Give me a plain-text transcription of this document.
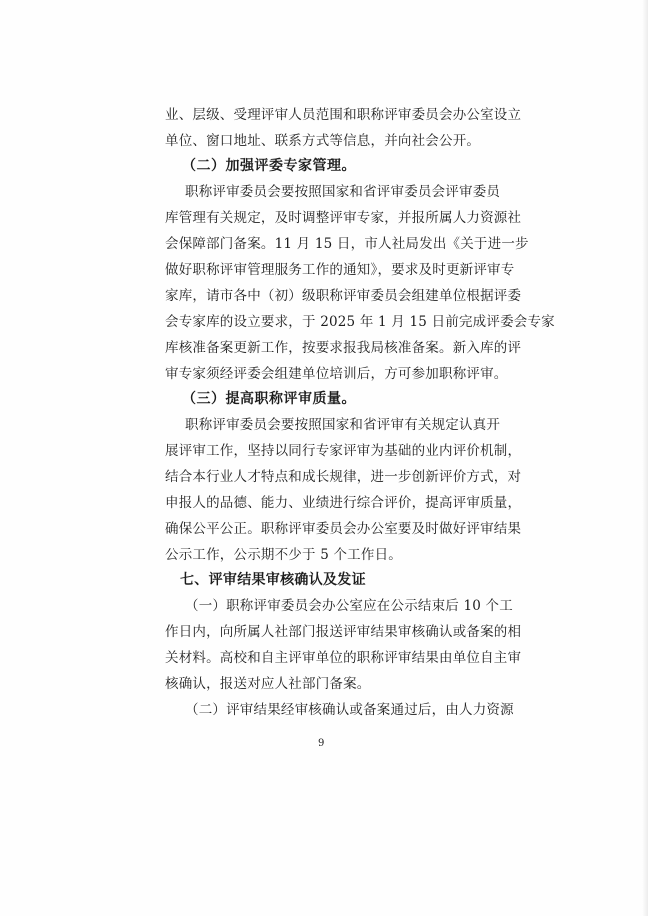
业、层级、受理评审人员范围和职称评审委员会办公室设立
单位、窗口地址、联系方式等信息，并向社会公开。
（二）加强评委专家管理。
职称评审委员会要按照国家和省评审委员会评审委员
库管理有关规定，及时调整评审专家，并报所属人力资源社
会保障部门备案。11 月 15 日，市人社局发出《关于进一步
做好职称评审管理服务工作的通知》，要求及时更新评审专
家库，请市各中（初）级职称评审委员会组建单位根据评委
会专家库的设立要求，于 2025 年 1 月 15 日前完成评委会专家
库核准备案更新工作，按要求报我局核准备案。新入库的评
审专家须经评委会组建单位培训后，方可参加职称评审。
（三）提高职称评审质量。
职称评审委员会要按照国家和省评审有关规定认真开
展评审工作，坚持以同行专家评审为基础的业内评价机制，
结合本行业人才特点和成长规律，进一步创新评价方式，对
申报人的品德、能力、业绩进行综合评价，提高评审质量，
确保公平公正。职称评审委员会办公室要及时做好评审结果
公示工作，公示期不少于 5 个工作日。
七、评审结果审核确认及发证
（一）职称评审委员会办公室应在公示结束后 10 个工
作日内，向所属人社部门报送评审结果审核确认或备案的相
关材料。高校和自主评审单位的职称评审结果由单位自主审
核确认，报送对应人社部门备案。
（二）评审结果经审核确认或备案通过后，由人力资源
9
